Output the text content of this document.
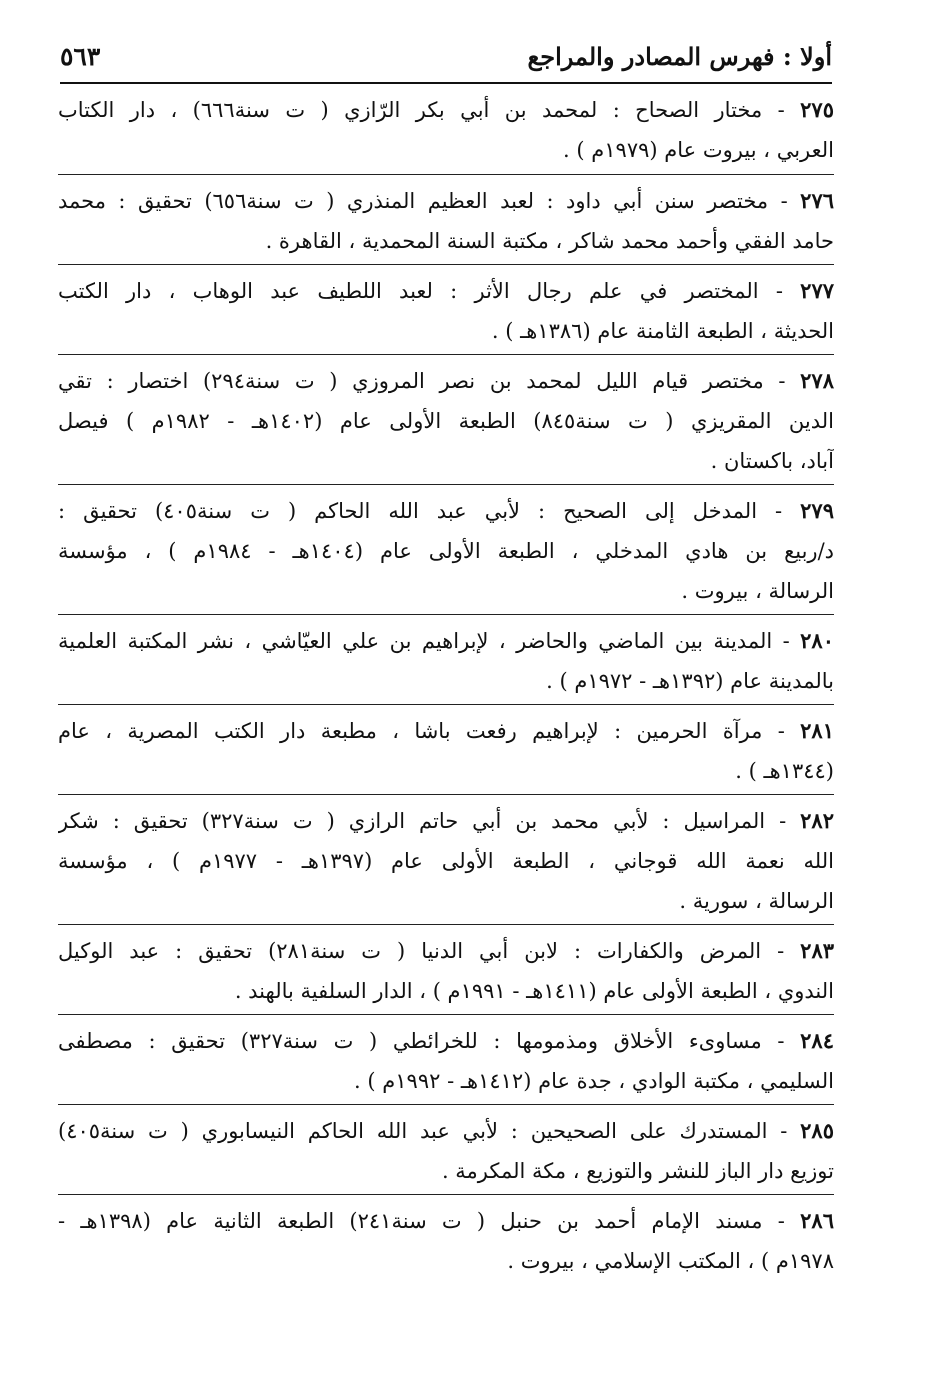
أولا : فهرس المصادر والمراجع
٥٦٣
٢٧٥ - مختار الصحاح : لمحمد بن أبي بكر الرّازي ( ت سنة٦٦٦) ، دار الكتاب
العربي ، بيروت عام (١٩٧٩م ) .
٢٧٦ - مختصر سنن أبي داود : لعبد العظيم المنذري ( ت سنة٦٥٦) تحقيق : محمد
حامد الفقي وأحمد محمد شاكر ، مكتبة السنة المحمدية ، القاهرة .
٢٧٧ - المختصر في علم رجال الأثر : لعبد اللطيف عبد الوهاب ، دار الكتب
الحديثة ، الطبعة الثامنة عام (١٣٨٦هـ ) .
٢٧٨ - مختصر قيام الليل لمحمد بن نصر المروزي ( ت سنة٢٩٤) اختصار : تقي
الدين المقريزي ( ت سنة٨٤٥) الطبعة الأولى عام (١٤٠٢هـ - ١٩٨٢م ) فيصل
آباد، باكستان .
٢٧٩ - المدخل إلى الصحيح : لأبي عبد الله الحاكم ( ت سنة٤٠٥) تحقيق :
د/ربيع بن هادي المدخلي ، الطبعة الأولى عام (١٤٠٤هـ - ١٩٨٤م ) ، مؤسسة
الرسالة ، بيروت .
٢٨٠ - المدينة بين الماضي والحاضر ، لإبراهيم بن علي العيّاشي ، نشر المكتبة العلمية
بالمدينة عام (١٣٩٢هـ - ١٩٧٢م ) .
٢٨١ - مرآة الحرمين : لإبراهيم رفعت باشا ، مطبعة دار الكتب المصرية ، عام
(١٣٤٤هـ ) .
٢٨٢ - المراسيل : لأبي محمد بن أبي حاتم الرازي ( ت سنة٣٢٧) تحقيق : شكر
الله نعمة الله قوجاني ، الطبعة الأولى عام (١٣٩٧هـ - ١٩٧٧م ) ، مؤسسة
الرسالة ، سورية .
٢٨٣ - المرض والكفارات : لابن أبي الدنيا ( ت سنة٢٨١) تحقيق : عبد الوكيل
الندوي ، الطبعة الأولى عام (١٤١١هـ - ١٩٩١م ) ، الدار السلفية بالهند .
٢٨٤ - مساوىء الأخلاق ومذمومها : للخرائطي ( ت سنة٣٢٧) تحقيق : مصطفى
السليمي ، مكتبة الوادي ، جدة عام (١٤١٢هـ - ١٩٩٢م ) .
٢٨٥ - المستدرك على الصحيحين : لأبي عبد الله الحاكم النيسابوري ( ت سنة٤٠٥)
توزيع دار الباز للنشر والتوزيع ، مكة المكرمة .
٢٨٦ - مسند الإمام أحمد بن حنبل ( ت سنة٢٤١) الطبعة الثانية عام (١٣٩٨هـ -
١٩٧٨م ) ، المكتب الإسلامي ، بيروت .
